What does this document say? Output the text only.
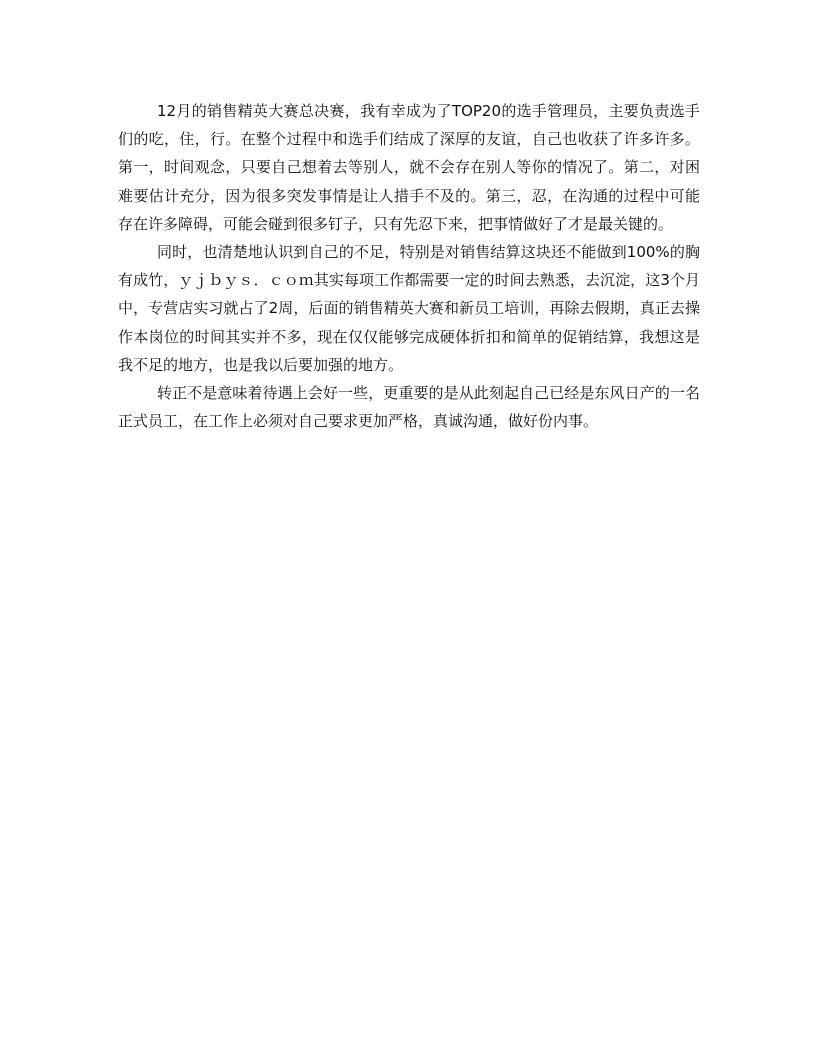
12月的销售精英大赛总决赛，我有幸成为了TOP20的选手管理员，主要负责选手们的吃，住，行。在整个过程中和选手们结成了深厚的友谊，自己也收获了许多许多。第一，时间观念，只要自己想着去等别人，就不会存在别人等你的情况了。第二，对困难要估计充分，因为很多突发事情是让人措手不及的。第三，忍，在沟通的过程中可能存在许多障碍，可能会碰到很多钉子，只有先忍下来，把事情做好了才是最关键的。

同时，也清楚地认识到自己的不足，特别是对销售结算这块还不能做到100%的胸有成竹，ｙｊｂｙｓ．ｃｏｍ其实每项工作都需要一定的时间去熟悉，去沉淀，这3个月中，专营店实习就占了2周，后面的销售精英大赛和新员工培训，再除去假期，真正去操作本岗位的时间其实并不多，现在仅仅能够完成硬体折扣和简单的促销结算，我想这是我不足的地方，也是我以后要加强的地方。

转正不是意味着待遇上会好一些，更重要的是从此刻起自己已经是东风日产的一名正式员工，在工作上必须对自己要求更加严格，真诚沟通，做好份内事。
